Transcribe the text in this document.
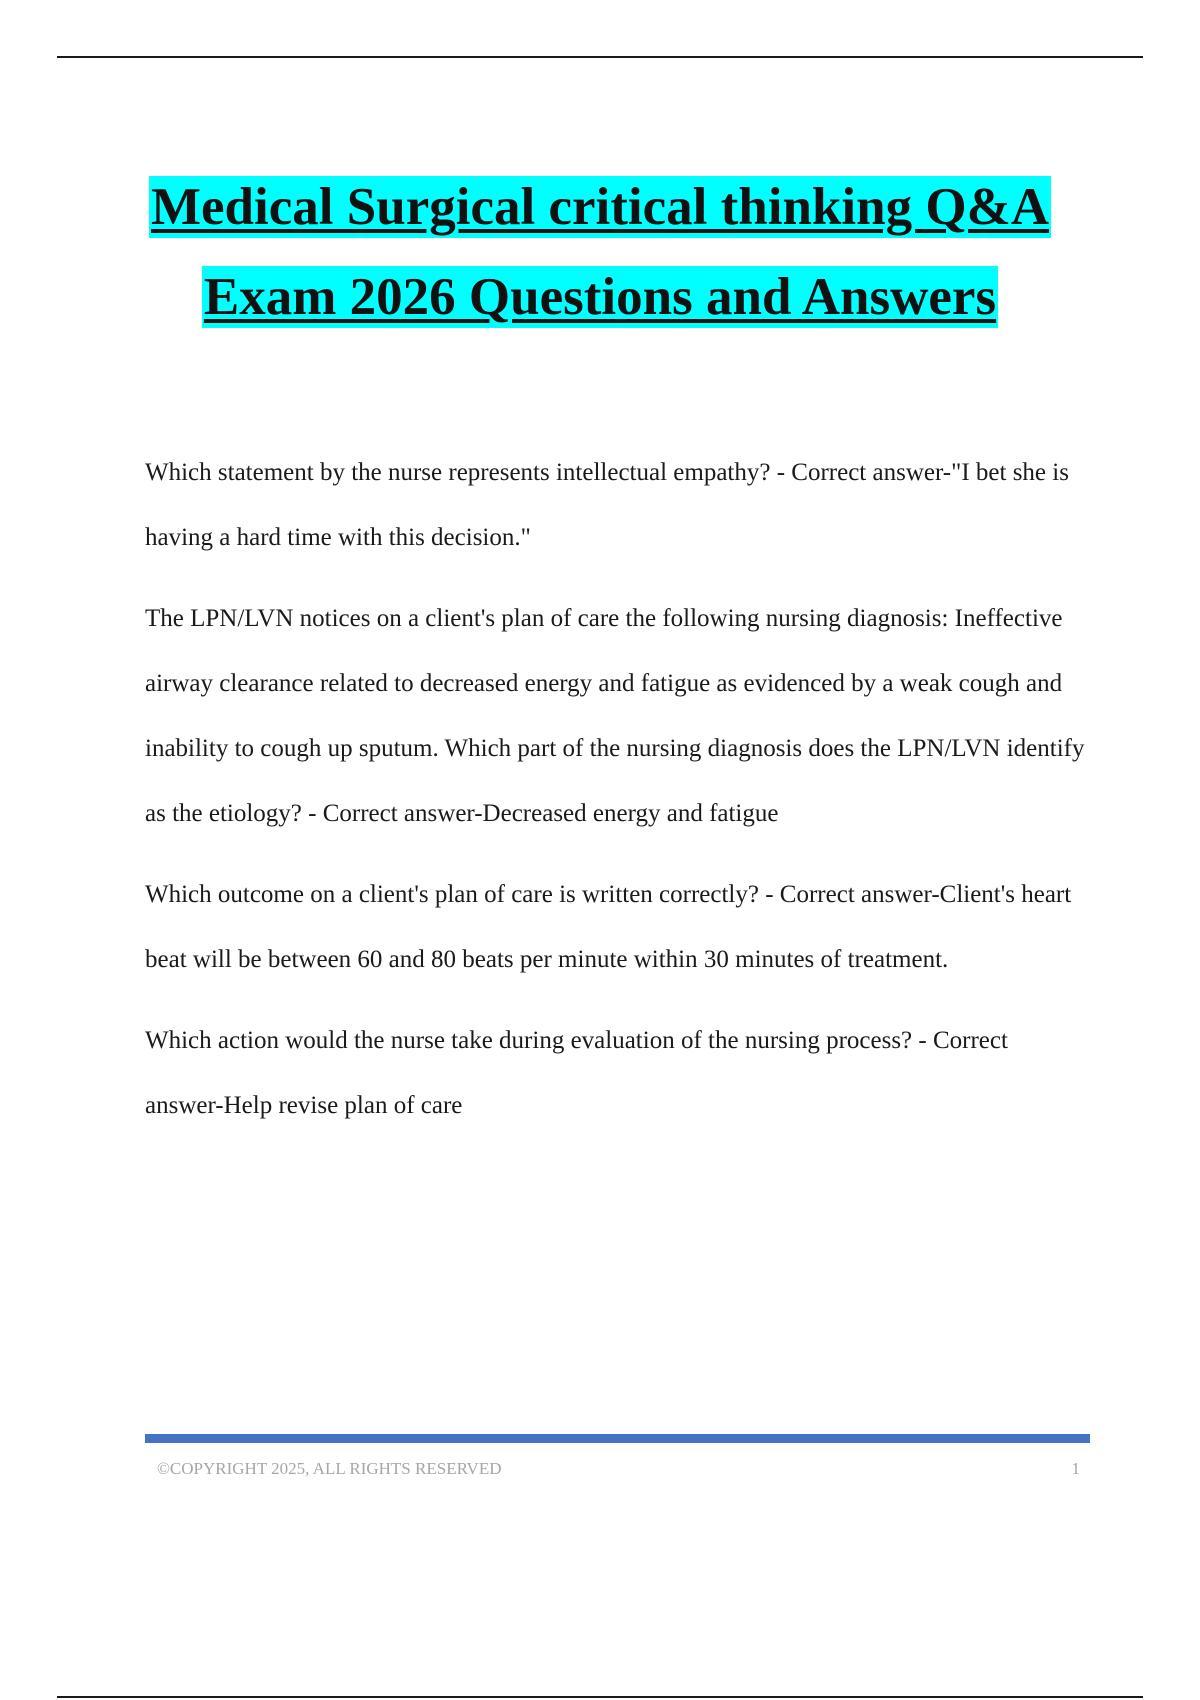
Medical Surgical critical thinking Q&A
Exam 2026 Questions and Answers

Which statement by the nurse represents intellectual empathy? - Correct answer-"I bet she is having a hard time with this decision."

The LPN/LVN notices on a client's plan of care the following nursing diagnosis: Ineffective airway clearance related to decreased energy and fatigue as evidenced by a weak cough and inability to cough up sputum. Which part of the nursing diagnosis does the LPN/LVN identify as the etiology? - Correct answer-Decreased energy and fatigue

Which outcome on a client's plan of care is written correctly? - Correct answer-Client's heart beat will be between 60 and 80 beats per minute within 30 minutes of treatment.

Which action would the nurse take during evaluation of the nursing process? - Correct answer-Help revise plan of care

©COPYRIGHT 2025, ALL RIGHTS RESERVED	1
